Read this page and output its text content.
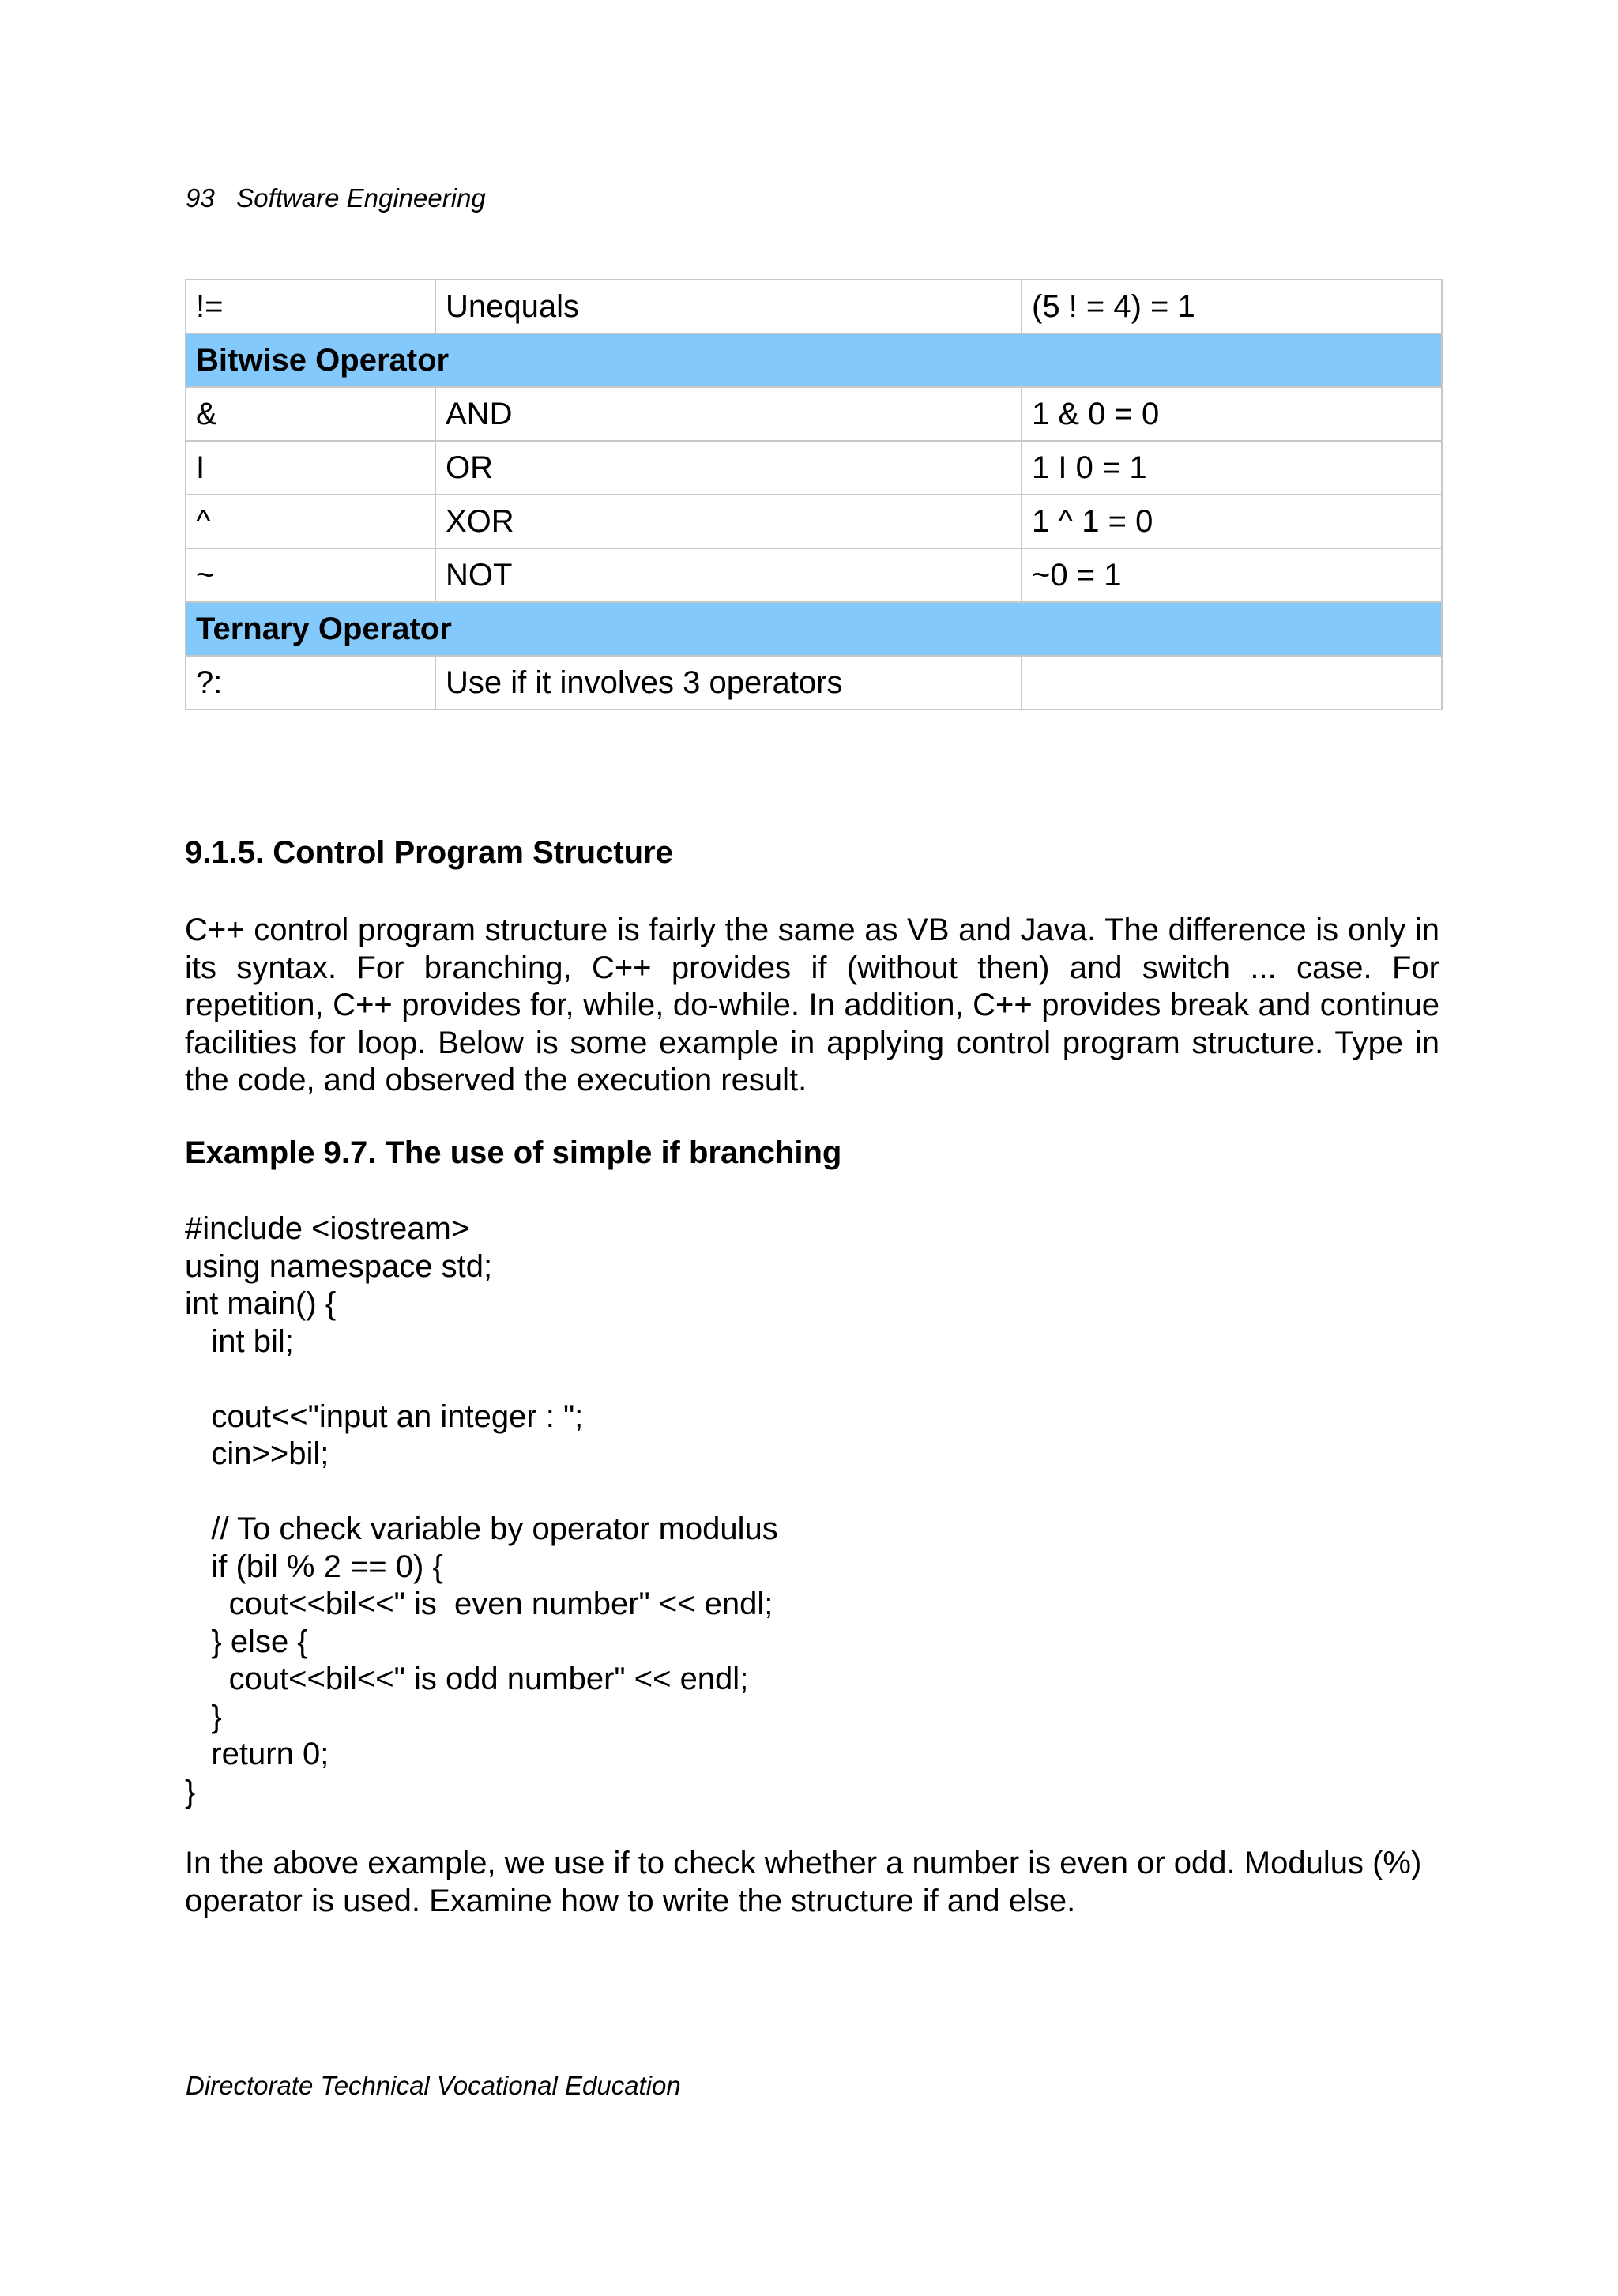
93 Software Engineering
!=	Unequals	(5 ! = 4) = 1
Bitwise Operator		
&	AND	1 & 0 = 0
I	OR	1 I 0 = 1
^	XOR	1 ^ 1 = 0
~	NOT	~0 = 1
Ternary Operator		
?:	Use if it involves 3 operators	
9.1.5. Control Program Structure

C++ control program structure is fairly the same as VB and Java. The difference is only in its syntax. For branching, C++ provides if (without then) and switch ... case. For repetition, C++ provides for, while, do-while. In addition, C++ provides break and continue facilities for loop. Below is some example in applying control program structure. Type in the code, and observed the execution result.

Example 9.7. The use of simple if branching
#include <iostream>
using namespace std;
int main() {
int bil;
cout<<"input an integer : ";
cin>>bil;
// To check variable by operator modulus
if (bil % 2 == 0) {
cout<<bil<<" is  even number" << endl;
} else {
cout<<bil<<" is odd number" << endl;
}
return 0;
}

In the above example, we use if to check whether a number is even or odd. Modulus (%) operator is used. Examine how to write the structure if and else.

Directorate Technical Vocational Education
